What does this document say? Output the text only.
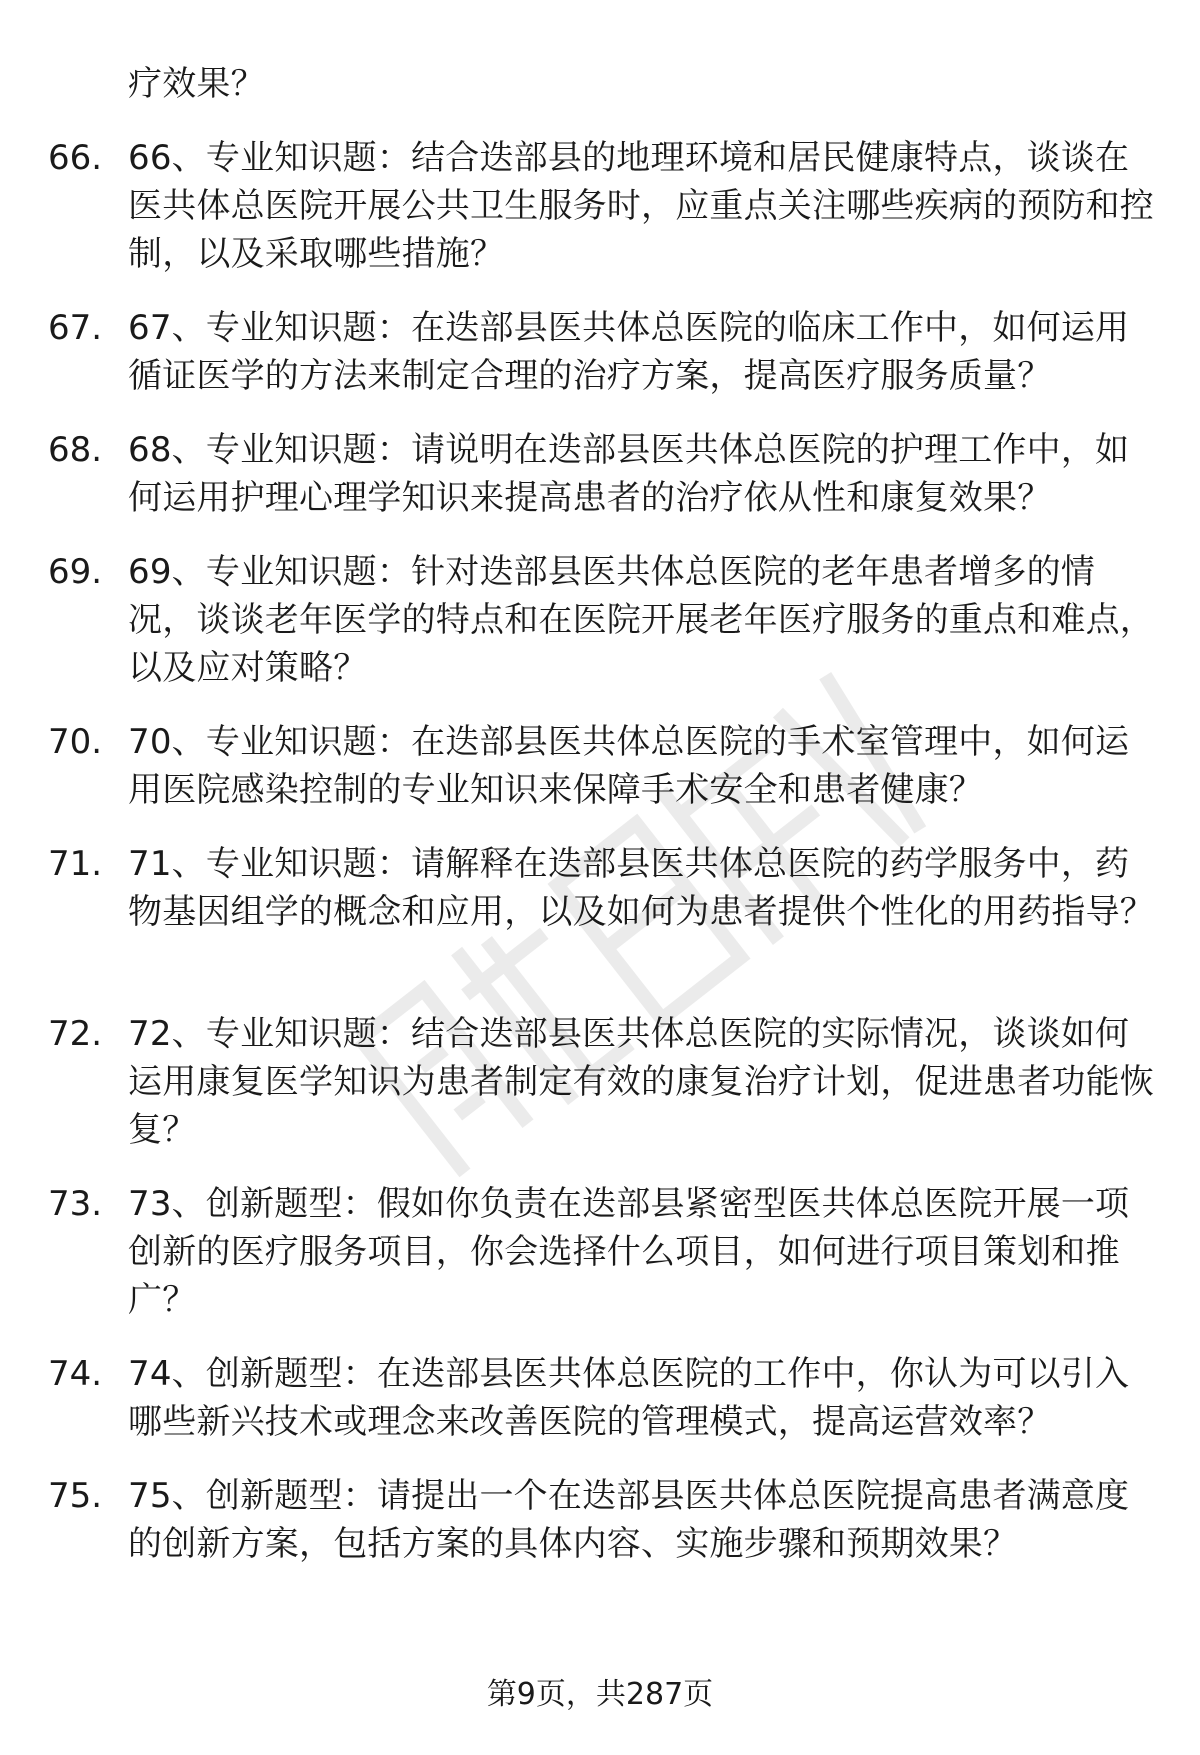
疗效果？
66. 66、专业知识题：结合迭部县的地理环境和居民健康特点，谈谈在医共体总医院开展公共卫生服务时，应重点关注哪些疾病的预防和控制，以及采取哪些措施？
67. 67、专业知识题：在迭部县医共体总医院的临床工作中，如何运用循证医学的方法来制定合理的治疗方案，提高医疗服务质量？
68. 68、专业知识题：请说明在迭部县医共体总医院的护理工作中，如何运用护理心理学知识来提高患者的治疗依从性和康复效果？
69. 69、专业知识题：针对迭部县医共体总医院的老年患者增多的情况，谈谈老年医学的特点和在医院开展老年医疗服务的重点和难点，以及应对策略？
70. 70、专业知识题：在迭部县医共体总医院的手术室管理中，如何运用医院感染控制的专业知识来保障手术安全和患者健康？
71. 71、专业知识题：请解释在迭部县医共体总医院的药学服务中，药物基因组学的概念和应用，以及如何为患者提供个性化的用药指导？
72. 72、专业知识题：结合迭部县医共体总医院的实际情况，谈谈如何运用康复医学知识为患者制定有效的康复治疗计划，促进患者功能恢复？
73. 73、创新题型：假如你负责在迭部县紧密型医共体总医院开展一项创新的医疗服务项目，你会选择什么项目，如何进行项目策划和推广？
74. 74、创新题型：在迭部县医共体总医院的工作中，你认为可以引入哪些新兴技术或理念来改善医院的管理模式，提高运营效率？
75. 75、创新题型：请提出一个在迭部县医共体总医院提高患者满意度的创新方案，包括方案的具体内容、实施步骤和预期效果？
第9页，共287页
